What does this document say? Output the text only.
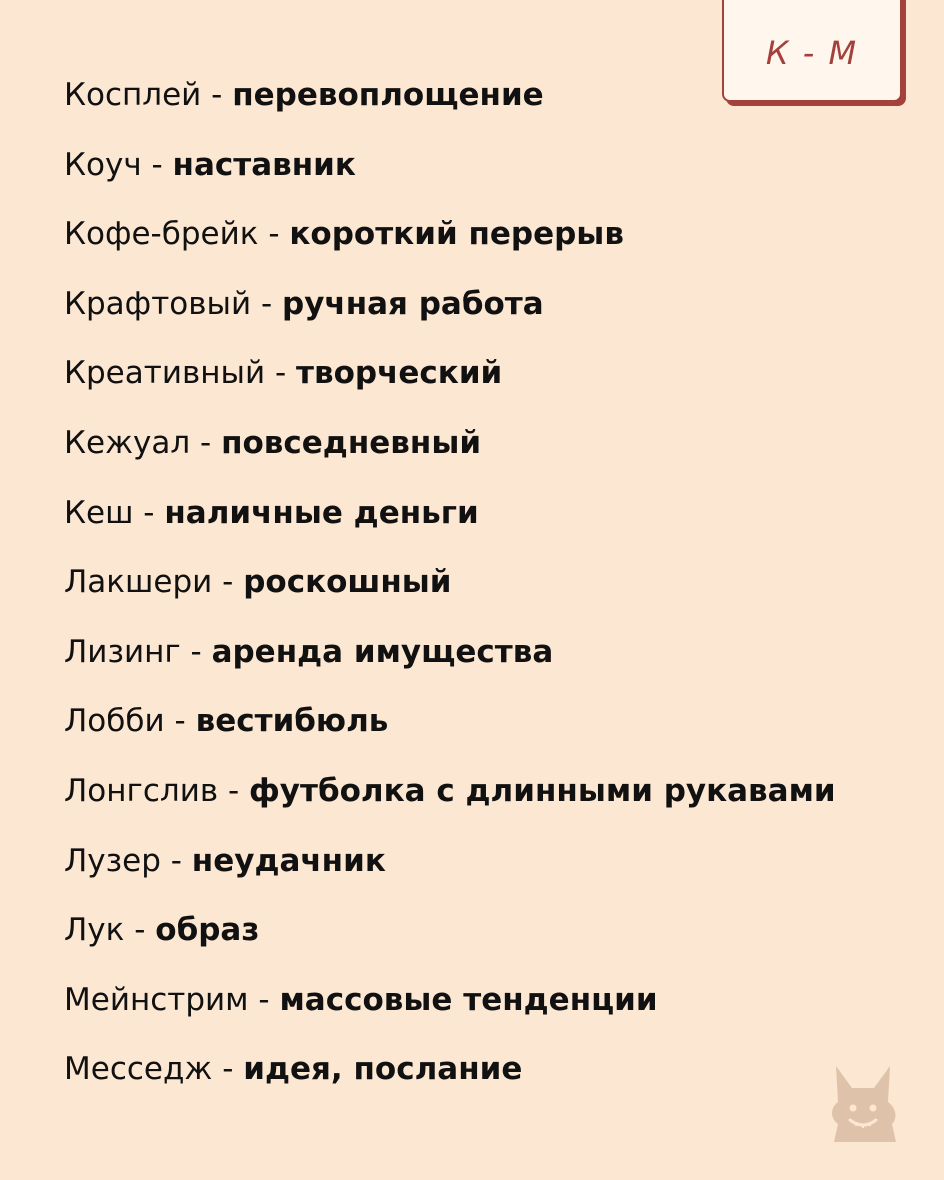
К - М
Косплей - перевоплощение
Коуч - наставник
Кофе-брейк - короткий перерыв
Крафтовый - ручная работа
Креативный - творческий
Кежуал - повседневный
Кеш - наличные деньги
Лакшери - роскошный
Лизинг - аренда имущества
Лобби - вестибюль
Лонгслив - футболка с длинными рукавами
Лузер - неудачник
Лук - образ
Мейнстрим - массовые тенденции
Месседж - идея, послание
